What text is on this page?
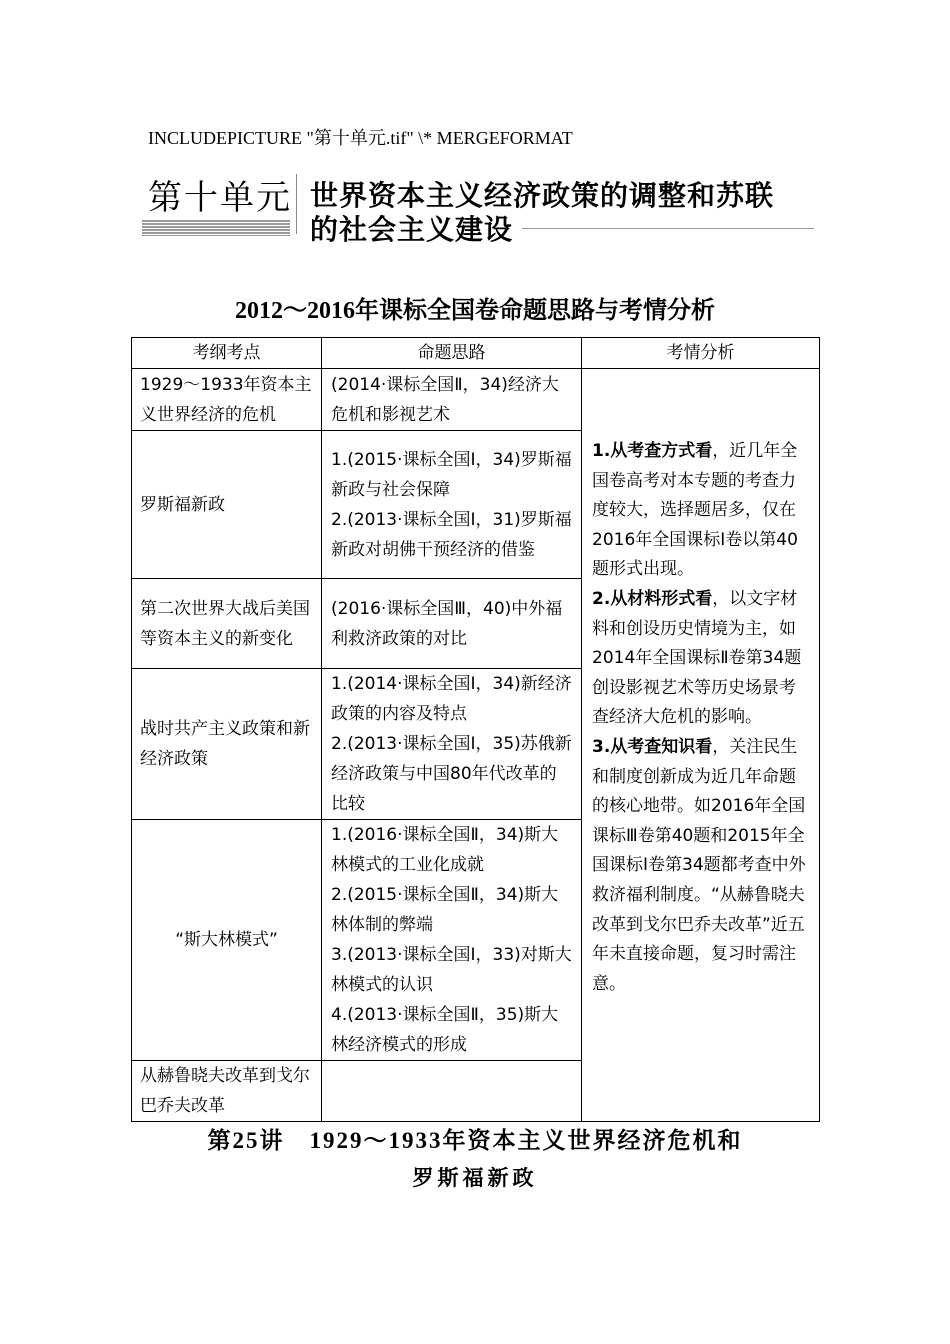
INCLUDEPICTURE "第十单元.tif" \* MERGEFORMAT
第十单元 世界资本主义经济政策的调整和苏联
的社会主义建设
2012～2016年课标全国卷命题思路与考情分析
考纲考点	命题思路	考情分析
1929～1933年资本主义世界经济的危机	(2014·课标全国Ⅱ，34)经济大危机和影视艺术	1.从考查方式看，近几年全国卷高考对本专题的考查力度较大，选择题居多，仅在2016年全国课标Ⅰ卷以第40题形式出现。
2.从材料形式看，以文字材料和创设历史情境为主，如2014年全国课标Ⅱ卷第34题创设影视艺术等历史场景考查经济大危机的影响。
3.从考查知识看，关注民生和制度创新成为近几年命题的核心地带。如2016年全国课标Ⅲ卷第40题和2015年全国课标Ⅰ卷第34题都考查中外救济福利制度。“从赫鲁晓夫改革到戈尔巴乔夫改革”近五年未直接命题，复习时需注意。
罗斯福新政	1.(2015·课标全国Ⅰ，34)罗斯福新政与社会保障
2.(2013·课标全国Ⅰ，31)罗斯福新政对胡佛干预经济的借鉴	

第二次世界大战后美国等资本主义的新变化	(2016·课标全国Ⅲ，40)中外福利救济政策的对比	

战时共产主义政策和新经济政策	1.(2014·课标全国Ⅰ，34)新经济政策的内容及特点
2.(2013·课标全国Ⅰ，35)苏俄新经济政策与中国80年代改革的比较	

“斯大林模式”	1.(2016·课标全国Ⅱ，34)斯大林模式的工业化成就
2.(2015·课标全国Ⅱ，34)斯大林体制的弊端
3.(2013·课标全国Ⅰ，33)对斯大林模式的认识
4.(2013·课标全国Ⅱ，35)斯大林经济模式的形成	

从赫鲁晓夫改革到戈尔巴乔夫改革		
第25讲　1929～1933年资本主义世界经济危机和
罗斯福新政
